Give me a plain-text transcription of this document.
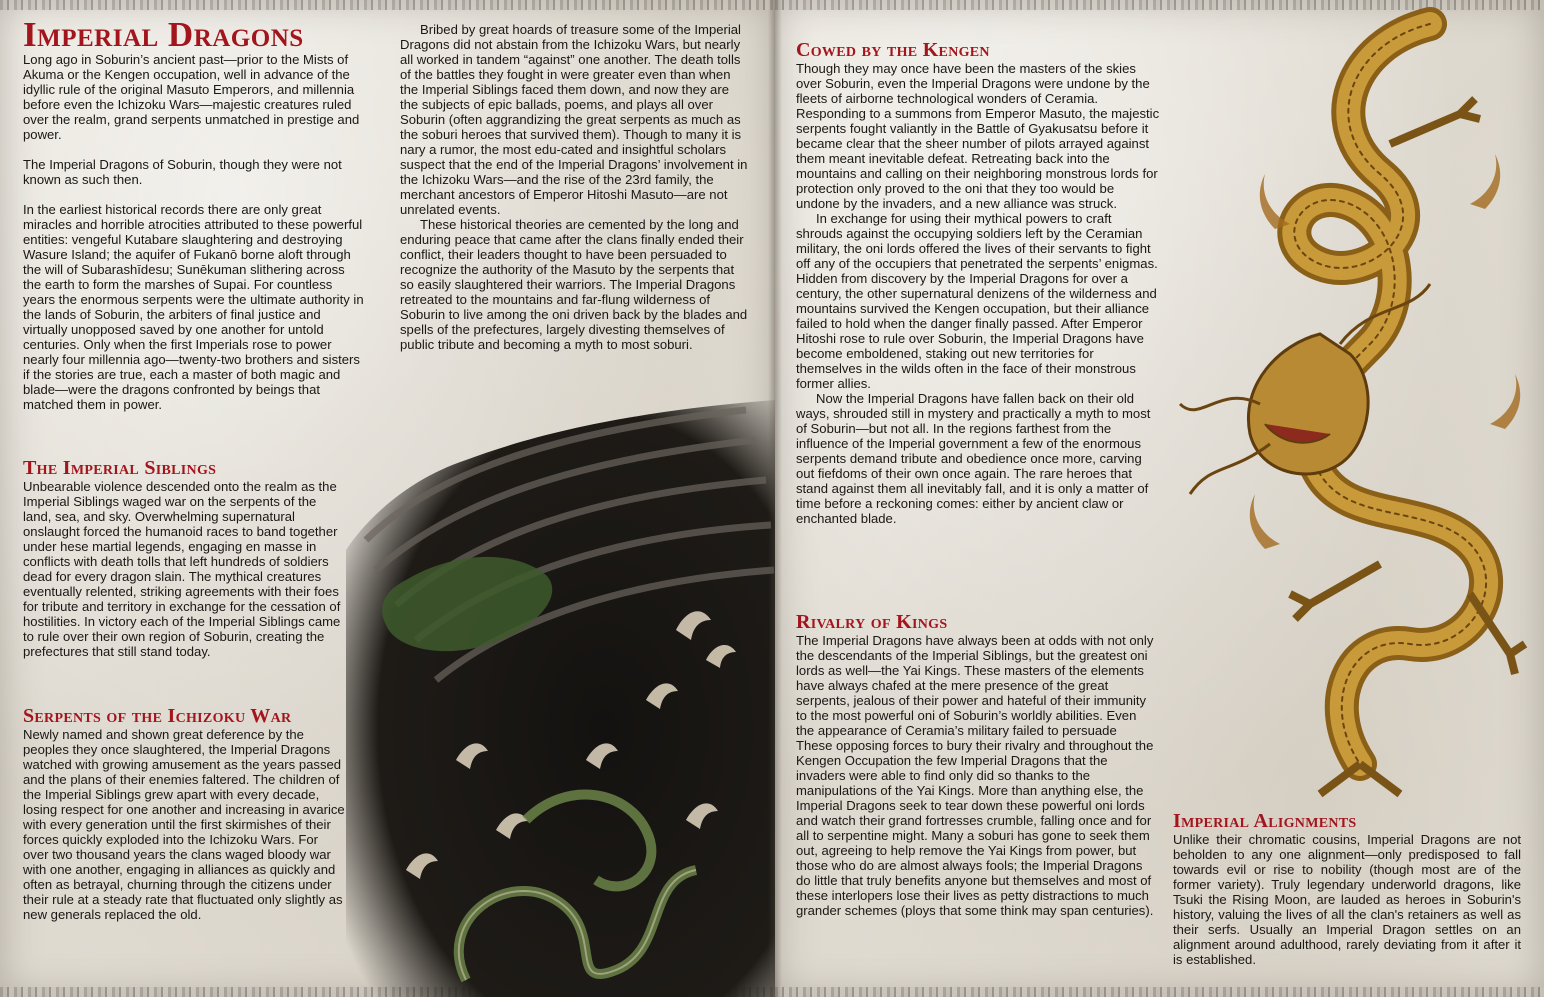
Imperial Dragons

Long ago in Soburin’s ancient past—prior to the Mists of Akuma or the Kengen occupation, well in advance of the idyllic rule of the original Masuto Emperors, and millennia before even the Ichizoku Wars—majestic creatures ruled over the realm, grand serpents unmatched in prestige and power.

The Imperial Dragons of Soburin, though they were not known as such then.

In the earliest historical records there are only great miracles and horrible atrocities attributed to these powerful entities: vengeful Kutabare slaughtering and destroying Wasure Island; the aquifer of Fukanō borne aloft through the will of Subarashīdesu; Sunēkuman slithering across the earth to form the marshes of Supai. For countless years the enormous serpents were the ultimate authority in the lands of Soburin, the arbiters of final justice and virtually unopposed saved by one another for untold centuries. Only when the first Imperials rose to power nearly four millennia ago—twenty-two brothers and sisters if the stories are true, each a master of both magic and blade—were the dragons confronted by beings that matched them in power.

The Imperial Siblings

Unbearable violence descended onto the realm as the Imperial Siblings waged war on the serpents of the land, sea, and sky. Overwhelming supernatural onslaught forced the humanoid races to band together under hese martial legends, engaging en masse in conflicts with death tolls that left hundreds of soldiers dead for every dragon slain. The mythical creatures eventually relented, striking agreements with their foes for tribute and territory in exchange for the cessation of hostilities. In victory each of the Imperial Siblings came to rule over their own region of Soburin, creating the prefectures that still stand today.

Serpents of the Ichizoku War

Newly named and shown great deference by the peoples they once slaughtered, the Imperial Dragons watched with growing amusement as the years passed and the plans of their enemies faltered. The children of the Imperial Siblings grew apart with every decade, losing respect for one another and increasing in avarice with every generation until the first skirmishes of their forces quickly exploded into the Ichizoku Wars. For over two thousand years the clans waged bloody war with one another, engaging in alliances as quickly and often as betrayal, churning through the citizens under their rule at a steady rate that fluctuated only slightly as new generals replaced the old.

Bribed by great hoards of treasure some of the Imperial Dragons did not abstain from the Ichizoku Wars, but nearly all worked in tandem “against” one another. The death tolls of the battles they fought in were greater even than when the Imperial Siblings faced them down, and now they are the subjects of epic ballads, poems, and plays all over Soburin (often aggrandizing the great serpents as much as the soburi heroes that survived them). Though to many it is nary a rumor, the most edu-cated and insightful scholars suspect that the end of the Imperial Dragons’ involvement in the Ichizoku Wars—and the rise of the 23rd family, the merchant ancestors of Emperor Hitoshi Masuto—are not unrelated events.

These historical theories are cemented by the long and enduring peace that came after the clans finally ended their conflict, their leaders thought to have been persuaded to recognize the authority of the Masuto by the serpents that so easily slaughtered their warriors. The Imperial Dragons retreated to the mountains and far-flung wilderness of Soburin to live among the oni driven back by the blades and spells of the prefectures, largely divesting themselves of public tribute and becoming a myth to most soburi.

Cowed by the Kengen

Though they may once have been the masters of the skies over Soburin, even the Imperial Dragons were undone by the fleets of airborne technological wonders of Ceramia. Responding to a summons from Emperor Masuto, the majestic serpents fought valiantly in the Battle of Gyakusatsu before it became clear that the sheer number of pilots arrayed against them meant inevitable defeat. Retreating back into the mountains and calling on their neighboring monstrous lords for protection only proved to the oni that they too would be undone by the invaders, and a new alliance was struck.

In exchange for using their mythical powers to craft shrouds against the occupying soldiers left by the Ceramian military, the oni lords offered the lives of their servants to fight off any of the occupiers that penetrated the serpents’ enigmas. Hidden from discovery by the Imperial Dragons for over a century, the other supernatural denizens of the wilderness and mountains survived the Kengen occupation, but their alliance failed to hold when the danger finally passed. After Emperor Hitoshi rose to rule over Soburin, the Imperial Dragons have become emboldened, staking out new territories for themselves in the wilds often in the face of their monstrous former allies.

Now the Imperial Dragons have fallen back on their old ways, shrouded still in mystery and practically a myth to most of Soburin—but not all. In the regions farthest from the influence of the Imperial government a few of the enormous serpents demand tribute and obedience once more, carving out fiefdoms of their own once again. The rare heroes that stand against them all inevitably fall, and it is only a matter of time before a reckoning comes: either by ancient claw or enchanted blade.

Rivalry of Kings

The Imperial Dragons have always been at odds with not only the descendants of the Imperial Siblings, but the greatest oni lords as well—the Yai Kings. These masters of the elements have always chafed at the mere presence of the great serpents, jealous of their power and hateful of their immunity to the most powerful oni of Soburin’s worldly abilities. Even the appearance of Ceramia’s military failed to persuade These opposing forces to bury their rivalry and throughout the Kengen Occupation the few Imperial Dragons that the invaders were able to find only did so thanks to the manipulations of the Yai Kings. More than anything else, the Imperial Dragons seek to tear down these powerful oni lords and watch their grand fortresses crumble, falling once and for all to serpentine might. Many a soburi has gone to seek them out, agreeing to help remove the Yai Kings from power, but those who do are almost always fools; the Imperial Dragons do little that truly benefits anyone but themselves and most of these interlopers lose their lives as petty distractions to much grander schemes (ploys that some think may span centuries).

Imperial Alignments

Unlike their chromatic cousins, Imperial Dragons are not beholden to any one alignment—only predisposed to fall towards evil or rise to nobility (though most are of the former variety). Truly legendary underworld dragons, like Tsuki the Rising Moon, are lauded as heroes in Soburin's history, valuing the lives of all the clan's retainers as well as their serfs. Usually an Imperial Dragon settles on an alignment around adulthood, rarely deviating from it after it is established.
